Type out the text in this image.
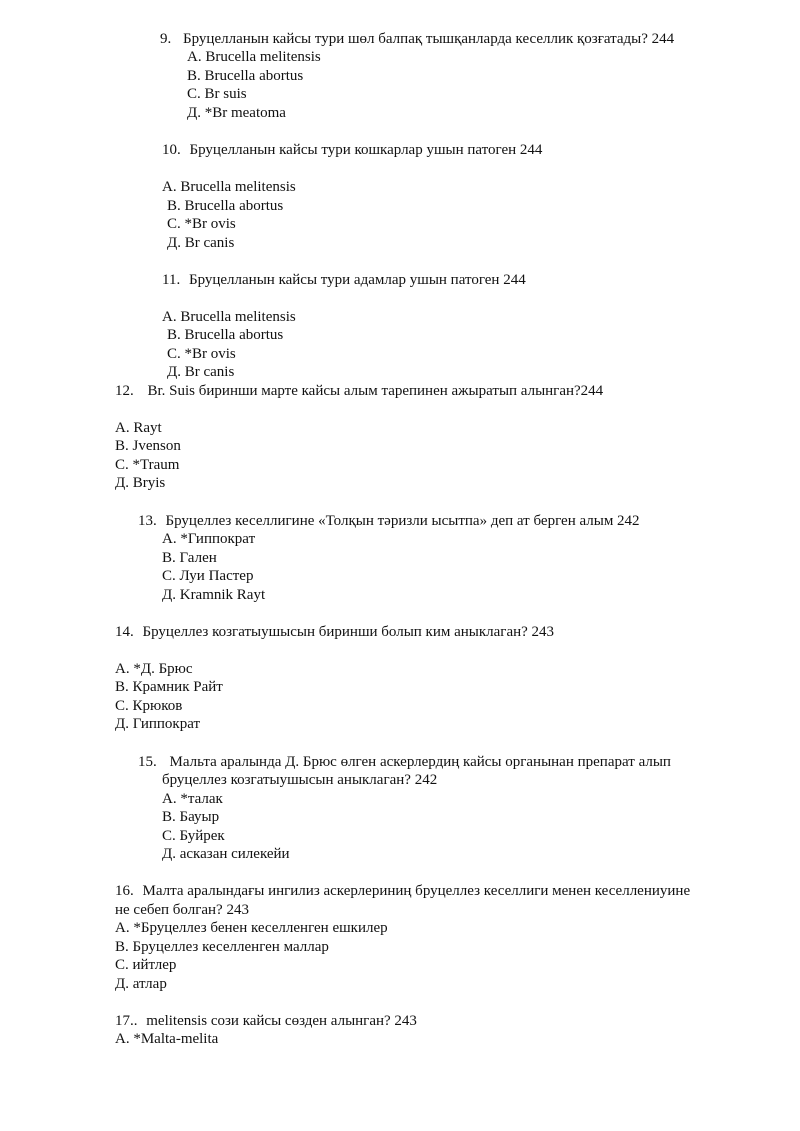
9. Бруцелланын кайсы тури шөл балпақ тышқанларда кеселлик қозғатады? 244
A. Brucella melitensis
B. Brucella abortus
C. Br suis
Д. *Br meatoma
10. Бруцелланын кайсы тури кошкарлар ушын патоген 244
A. Brucella melitensis
B. Brucella abortus
C. *Br ovis
Д. Br canis
11. Бруцелланын кайсы тури адамлар ушын патоген 244
A. Brucella melitensis
B. Brucella abortus
C. *Br ovis
Д. Br canis
12. Br. Suis биринши марте кайсы алым тарепинен ажыратып алынган?244
A. Rayt
B. Jvenson
C. *Traum
Д. Bryis
13. Бруцеллез кеселлигине «Толқын тәризли ысытпа» деп ат берген алым 242
A. *Гиппократ
B. Гален
C. Луи Пастер
Д. Kramnik Rayt
14. Бруцеллез козгатыушысын биринши болып ким аныклаган? 243
A. *Д. Брюс
B. Крамник Райт
C. Крюков
Д. Гиппократ
15. Мальта аралында Д. Брюс өлген аскерлердиң кайсы органынан препарат алып
бруцеллез козгатыушысын аныклаган? 242
A. *талак
B. Бауыр
C. Буйрек
Д. асказан силекейи
16. Малта аралындағы ингилиз аскерлериниң бруцеллез кеселлиги менен кеселлениуине
не себеп болган? 243
A. *Бруцеллез бенен кеселленген ешкилер
B. Бруцеллез кеселленген маллар
C. ийтлер
Д. атлар
17.. melitensis сози кайсы сөзден алынган? 243
A. *Malta-melita
